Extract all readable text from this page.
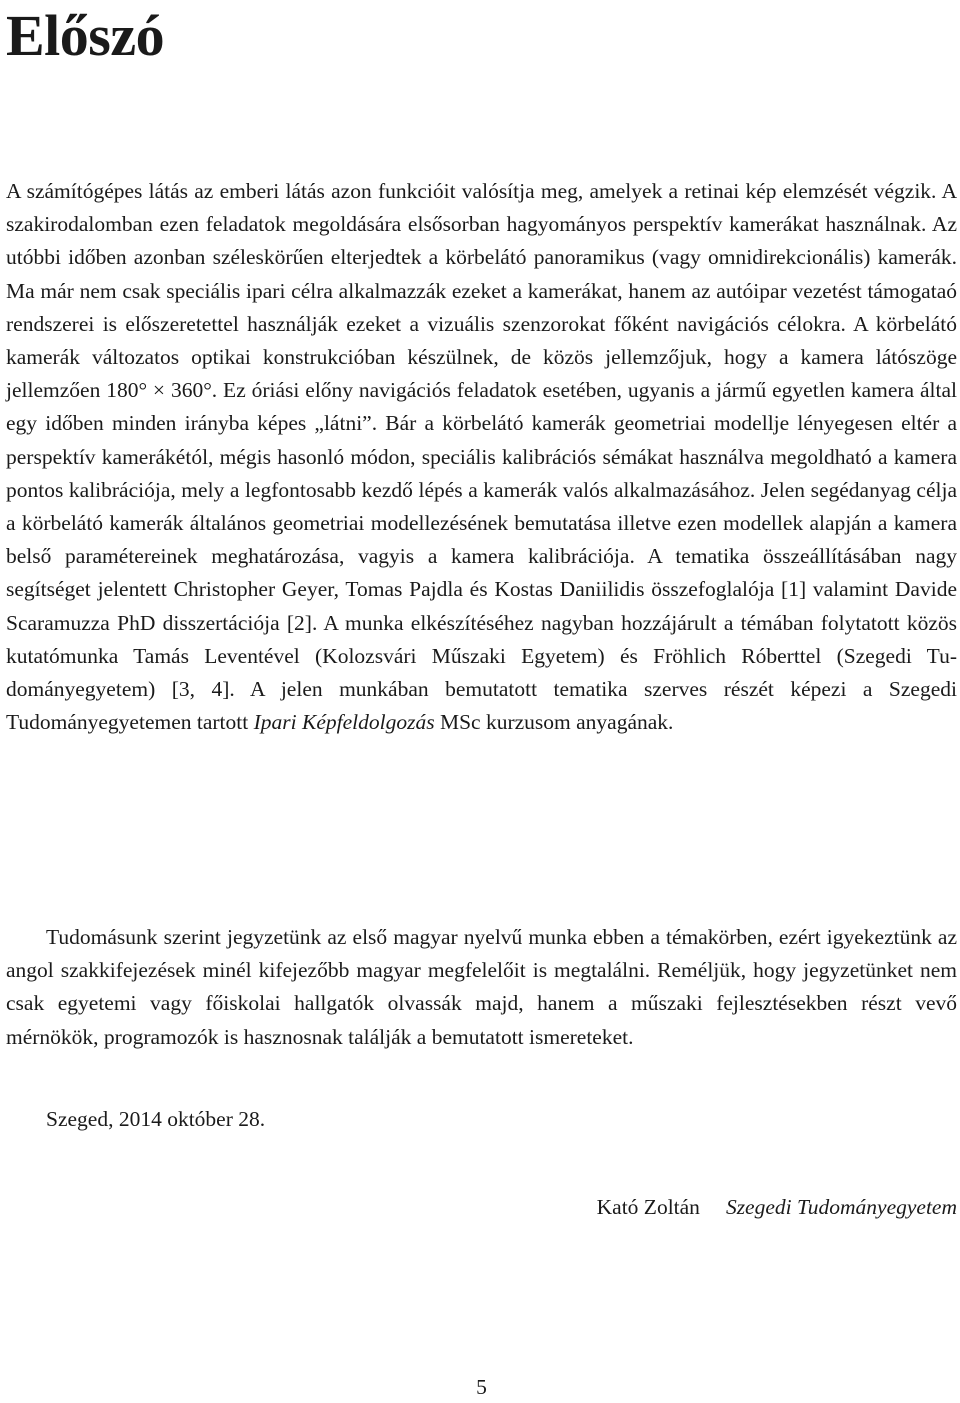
Előszó

A számítógépes látás az emberi látás azon funkcióit valósítja meg, amelyek a retinai kép elemzését végzik. A szakirodalomban ezen feladatok megoldására elsősorban hagyományos perspektív kamerákat használnak. Az utóbbi időben azonban széleskörűen elterjedtek a körbelátó panoramikus (vagy omnidirekcionális) kamerák. Ma már nem csak speciális ipari célra alkalmazzák ezeket a kamerákat, hanem az autóipar vezetést támogataó rendszerei is előszeretettel használják ezeket a vizuális szenzorokat főként navigációs célokra. A körbelátó kamerák változatos optikai konstrukcióban készülnek, de közös jellemzőjuk, hogy a kamera látószöge jellemzően 180° × 360°. Ez óriási előny navigációs feladatok esetében, ugyanis a jármű egyetlen kamera által egy időben minden irányba képes „látni”. Bár a körbelátó kamerák geometriai modellje lényegesen eltér a perspektív kamerákétól, mégis hasonló módon, speciális kalibrációs sémákat használva megoldható a kamera pontos kalibrációja, mely a legfontosabb kezdő lépés a kamerák valós alkalmazásához. Jelen segédanyag célja a körbelátó kamerák általános geometriai modellezésének bemutatása illetve ezen modellek alapján a kamera belső paramétereinek meghatározása, vagyis a kamera kalibrációja. A tematika összeállításában nagy segítséget jelentett Christopher Geyer, Tomas Pajdla és Kostas Daniilidis összefoglalója [1] valamint Davide Scaramuzza PhD disszertációja [2]. A munka elkészítéséhez nagyban hozzájárult a témában folytatott közös kutatómunka Tamás Leventével (Kolozsvári Műszaki Egyetem) és Fröhlich Róberttel (Szegedi Tudományegyetem) [3, 4]. A jelen munkában bemutatott tematika szerves részét képezi a Szegedi Tudományegyetemen tartott Ipari Képfeldolgozás MSc kurzusom anyagának.

Tudomásunk szerint jegyzetünk az első magyar nyelvű munka ebben a témakörben, ezért igyekeztünk az angol szakkifejezések minél kifejezőbb magyar megfelelőit is megtalálni. Reméljük, hogy jegyzetünket nem csak egyetemi vagy főiskolai hallgatók olvassák majd, hanem a műszaki fejlesztésekben részt vevő mérnökök, programozók is hasznosnak találják a bemutatott ismereteket.

Szeged, 2014 október 28.

Kató Zoltán Szegedi Tudományegyetem

5
